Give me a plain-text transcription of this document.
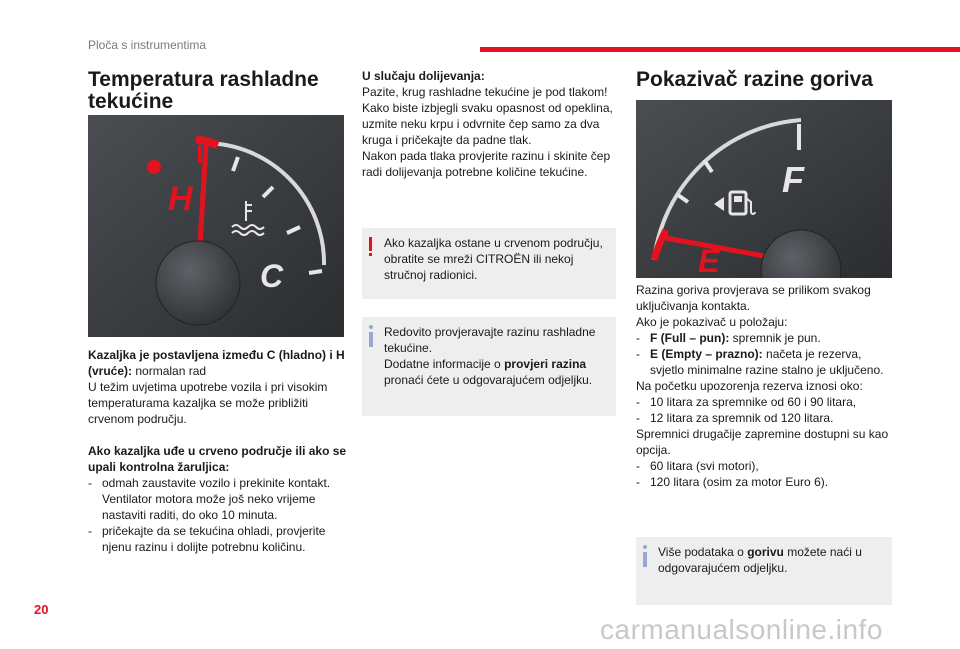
Ploča s instrumentima
Temperatura rashladne tekućine
H
C

Kazaljka je postavljena između C (hladno) i H (vruće): normalan rad

U težim uvjetima upotrebe vozila i pri visokim temperaturama kazaljka se može približiti crvenom području.

Ako kazaljka uđe u crveno područje ili ako se upali kontrolna žaruljica:

- odmah zaustavite vozilo i prekinite kontakt. Ventilator motora može još neko vrijeme nastaviti raditi, do oko 10 minuta.
- pričekajte da se tekućina ohladi, provjerite njenu razinu i dolijte potrebnu količinu.

U slučaju dolijevanja:

Pazite, krug rashladne tekućine je pod tlakom! Kako biste izbjegli svaku opasnost od opeklina, uzmite neku krpu i odvrnite čep samo za dva kruga i pričekajte da padne tlak.

Nakon pada tlaka provjerite razinu i skinite čep radi dolijevanja potrebne količine tekućine.

Ako kazaljka ostane u crvenom području, obratite se mreži CITROËN ili nekoj stručnoj radionici.

Redovito provjeravajte razinu rashladne tekućine.

Dodatne informacije o provjeri razina

pronaći ćete u odgovarajućem odjeljku.

Pokazivač razine goriva
F
E

Razina goriva provjerava se prilikom svakog uključivanja kontakta.

Ako je pokazivač u položaju:

- F (Full – pun): spremnik je pun.
- E (Empty – prazno): načeta je rezerva, svjetlo minimalne razine stalno je uključeno.

Na početku upozorenja rezerva iznosi oko:

- 10 litara za spremnike od 60 i 90 litara,
- 12 litara za spremnik od 120 litara.

Spremnici drugačije zapremine dostupni su kao opcija.

- 60 litara (svi motori),
- 120 litara (osim za motor Euro 6).
Više podataka o gorivu možete naći u odgovarajućem odjeljku.
20
carmanualsonline.info
